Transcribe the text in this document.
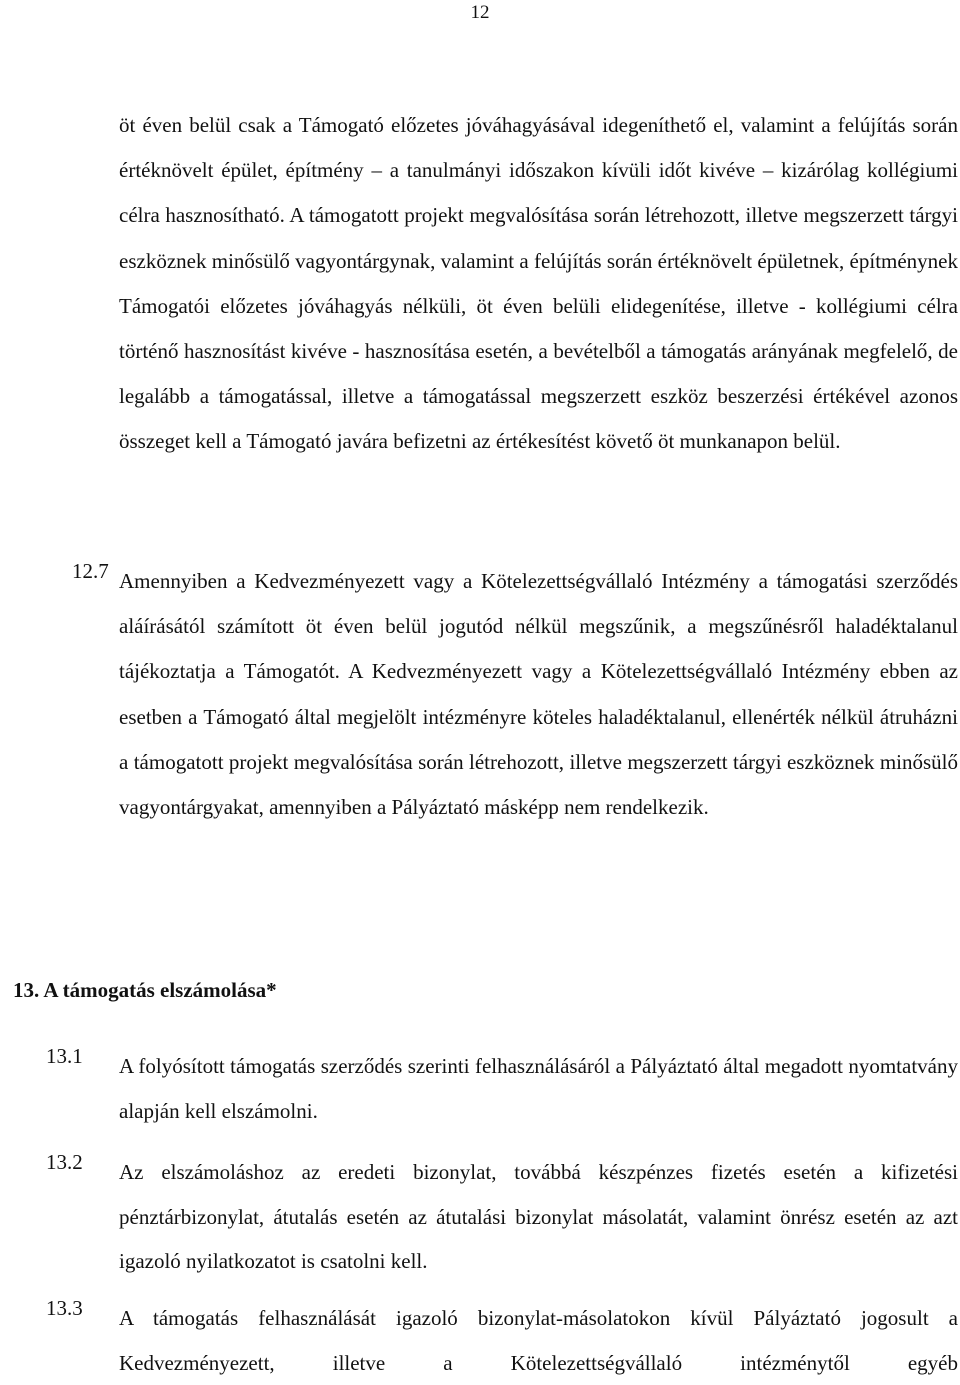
12
öt éven belül csak a Támogató előzetes jóváhagyásával idegeníthető el, valamint a felújítás során értéknövelt épület, építmény – a tanulmányi időszakon kívüli időt kivéve – kizárólag kollégiumi célra hasznosítható. A támogatott projekt megvalósítása során létrehozott, illetve megszerzett tárgyi eszköznek minősülő vagyontárgynak, valamint a felújítás során értéknövelt épületnek, építménynek Támogatói előzetes jóváhagyás nélküli, öt éven belüli elidegenítése, illetve - kollégiumi célra történő hasznosítást kivéve - hasznosítása esetén, a bevételből a támogatás arányának megfelelő, de legalább a támogatással, illetve a támogatással megszerzett eszköz beszerzési értékével azonos összeget kell a Támogató javára befizetni az értékesítést követő öt munkanapon belül.
12.7 Amennyiben a Kedvezményezett vagy a Kötelezettségvállaló Intézmény a támogatási szerződés aláírásától számított öt éven belül jogutód nélkül megszűnik, a megszűnésről haladéktalanul tájékoztatja a Támogatót. A Kedvezményezett vagy a Kötelezettségvállaló Intézmény ebben az esetben a Támogató által megjelölt intézményre köteles haladéktalanul, ellenérték nélkül átruházni a támogatott projekt megvalósítása során létrehozott, illetve megszerzett tárgyi eszköznek minősülő vagyontárgyakat, amennyiben a Pályáztató másképp nem rendelkezik.
13. A támogatás elszámolása*
13.1 A folyósított támogatás szerződés szerinti felhasználásáról a Pályáztató által megadott nyomtatvány alapján kell elszámolni.
13.2 Az elszámoláshoz az eredeti bizonylat, továbbá készpénzes fizetés esetén a kifizetési pénztárbizonylat, átutalás esetén az átutalási bizonylat másolatát, valamint önrész esetén az azt igazoló nyilatkozatot is csatolni kell.
13.3 A támogatás felhasználását igazoló bizonylat-másolatokon kívül Pályáztató jogosult a Kedvezményezett, illetve a Kötelezettségvállaló intézménytől egyéb
